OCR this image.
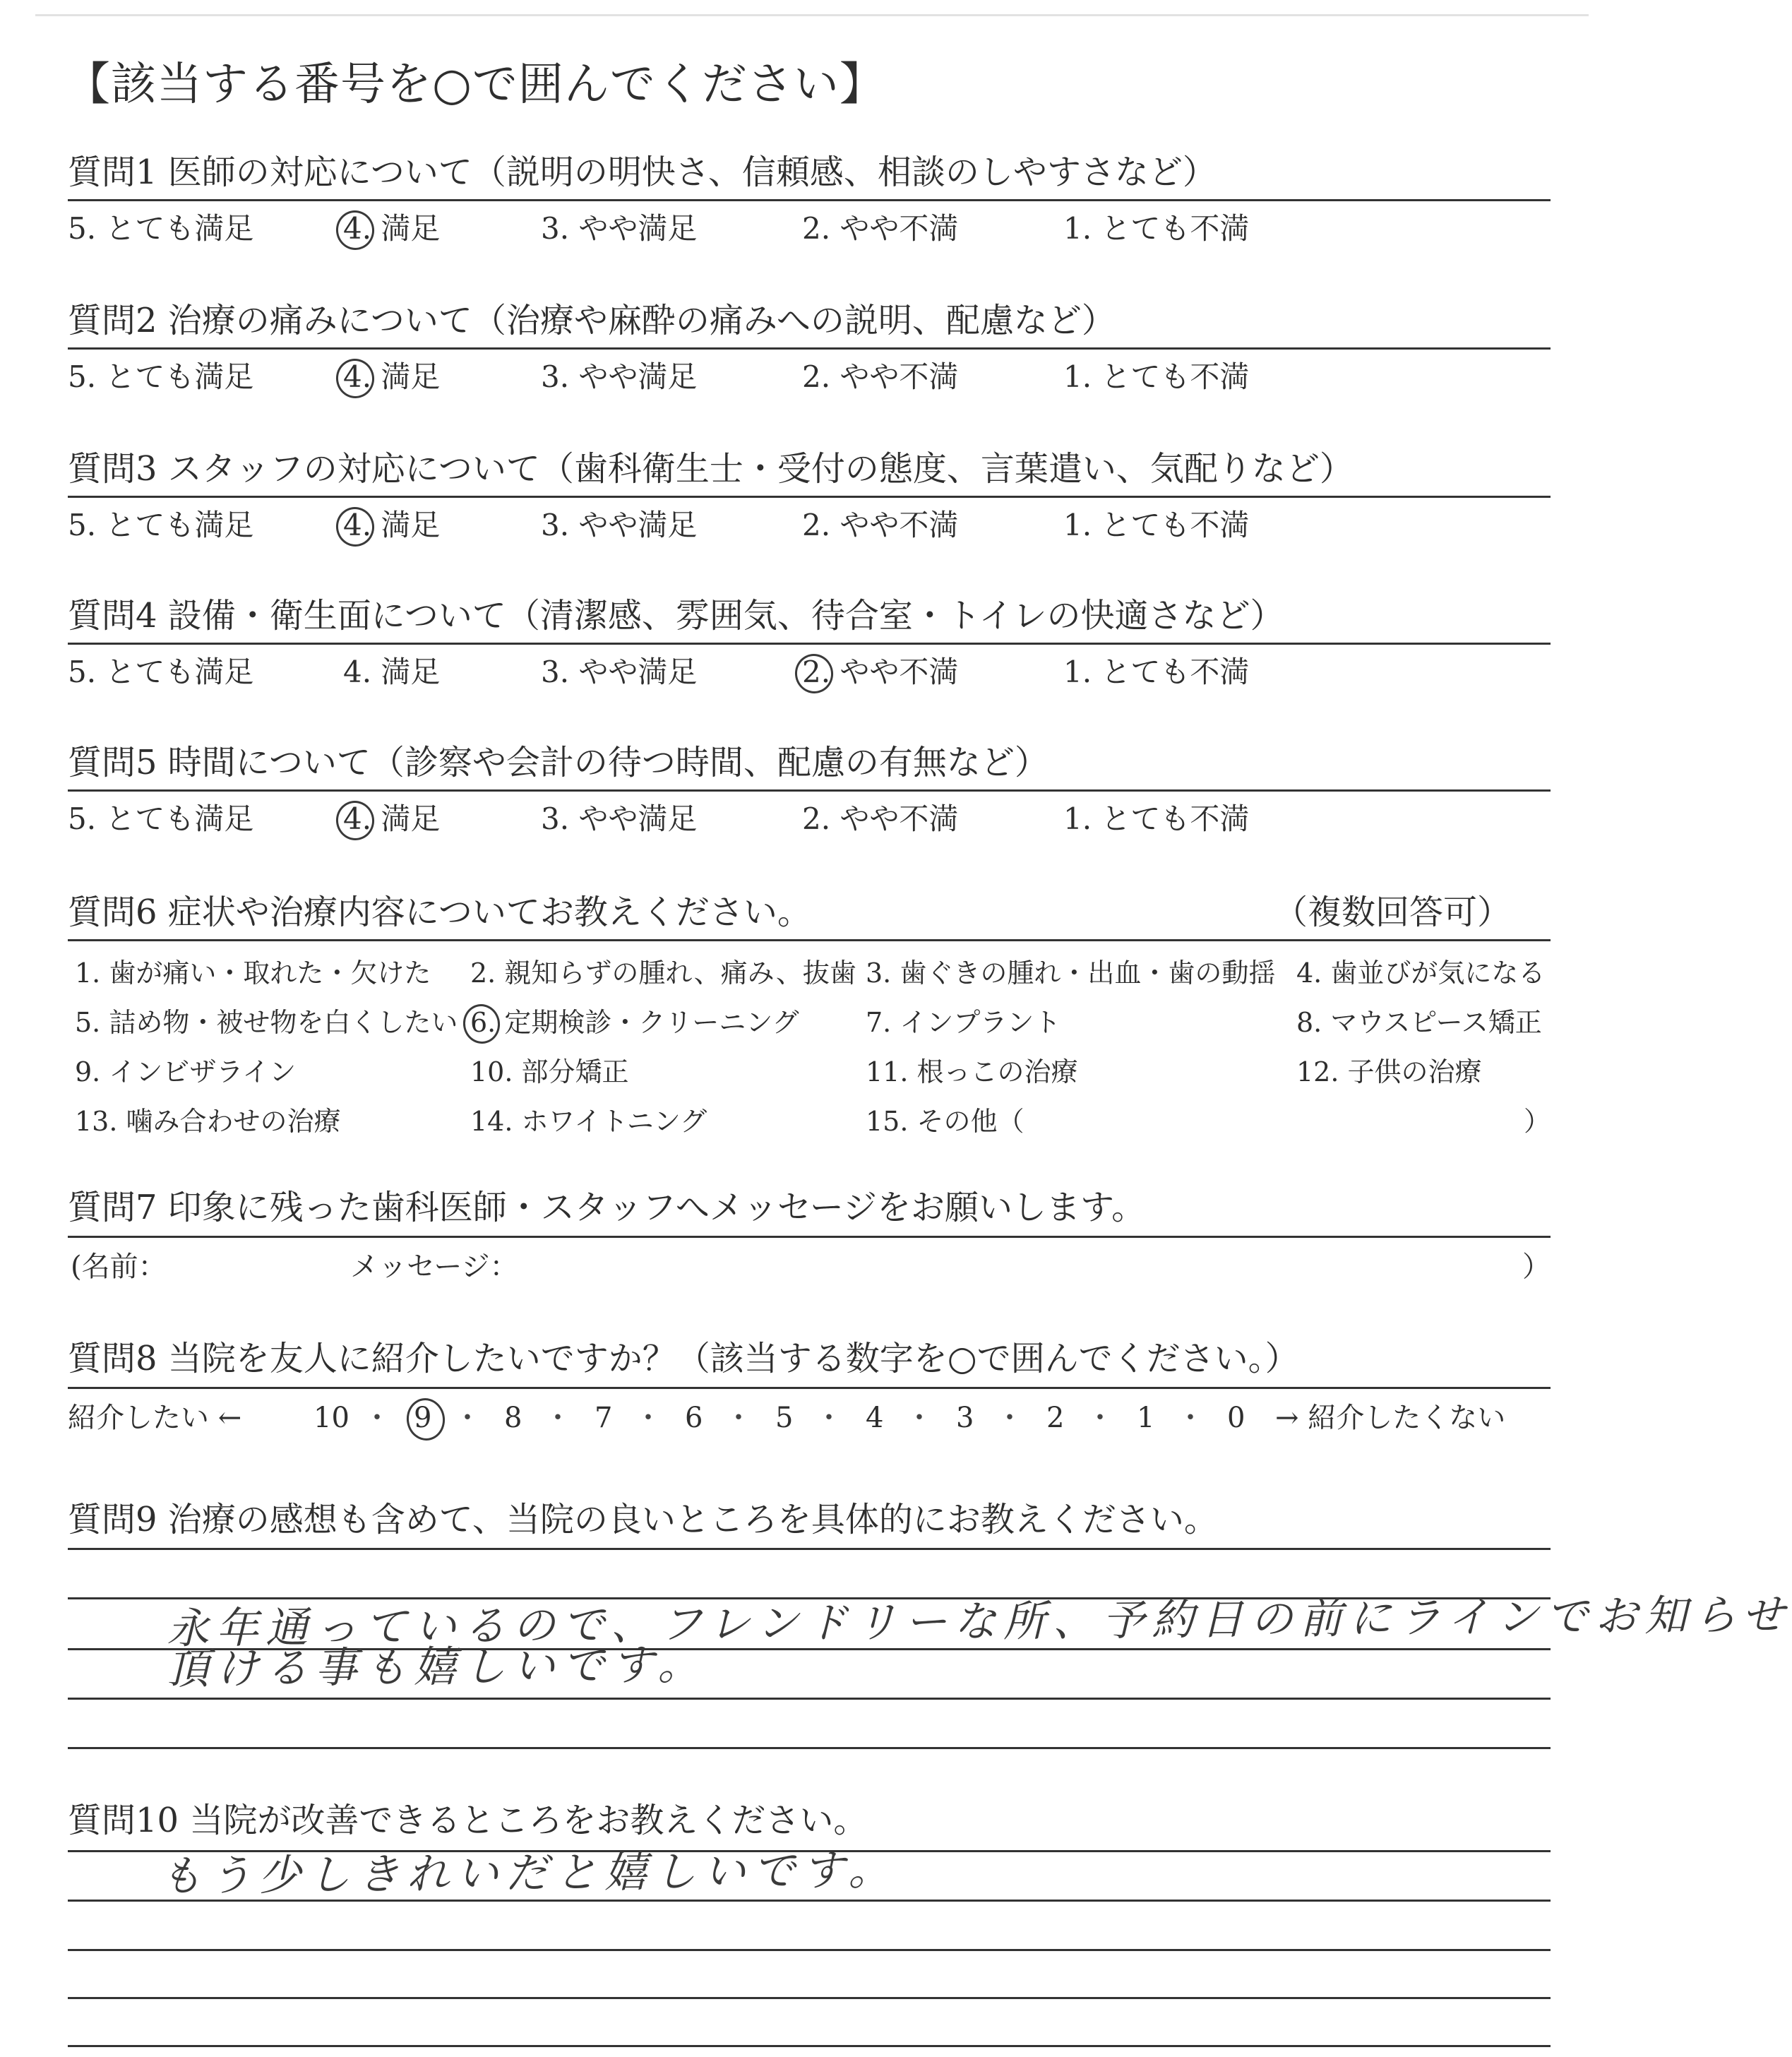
【該当する番号を○で囲んでください】
質問1 医師の対応について（説明の明快さ、信頼感、相談のしやすさなど）
5. とても満足	4. 満足	3. やや満足	2. やや不満	1. とても不満
質問2 治療の痛みについて（治療や麻酔の痛みへの説明、配慮など）
5. とても満足	4. 満足	3. やや満足	2. やや不満	1. とても不満
質問3 スタッフの対応について（歯科衛生士・受付の態度、言葉遣い、気配りなど）
5. とても満足	4. 満足	3. やや満足	2. やや不満	1. とても不満
質問4 設備・衛生面について（清潔感、雰囲気、待合室・トイレの快適さなど）
5. とても満足	4. 満足	3. やや満足	2. やや不満	1. とても不満
質問5 時間について（診察や会計の待つ時間、配慮の有無など）
5. とても満足	4. 満足	3. やや満足	2. やや不満	1. とても不満
質問6 症状や治療内容についてお教えください。	（複数回答可）
1. 歯が痛い・取れた・欠けた 2. 親知らずの腫れ、痛み、抜歯 3. 歯ぐきの腫れ・出血・歯の動揺 4. 歯並びが気になる
5. 詰め物・被せ物を白くしたい 6. 定期検診・クリーニング 7. インプラント	8. マウスピース矯正
9. インビザライン	10. 部分矯正	11. 根っこの治療	12. 子供の治療
13. 噛み合わせの治療	14. ホワイトニング	15. その他（	）
質問7 印象に残った歯科医師・スタッフへメッセージをお願いします。
(名前：	メッセージ：	）
質問8 当院を友人に紹介したいですか？（該当する数字を○で囲んでください。）
紹介したい ←	10 ・ 9 ・ 8 ・ 7 ・ 6 ・ 5 ・ 4 ・ 3 ・ 2 ・ 1 ・ 0 → 紹介したくない
質問9 治療の感想も含めて、当院の良いところを具体的にお教えください。
永年通っているので、フレンドリーな所、予約日の前にラインでお知らせ
頂ける事も嬉しいです。
質問10 当院が改善できるところをお教えください。
もう少しきれいだと嬉しいです。
